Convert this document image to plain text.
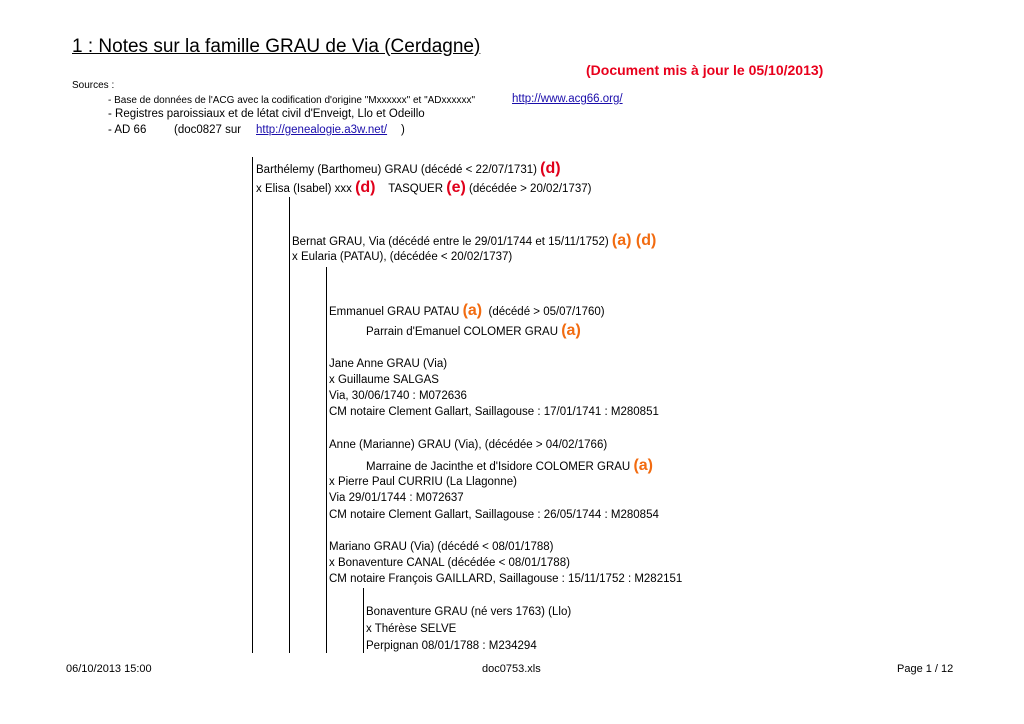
1 : Notes sur la famille GRAU de Via (Cerdagne)
(Document mis à jour le 05/10/2013)
Sources :
- Base de données de l'ACG avec la codification d'origine "Mxxxxxx" et "ADxxxxxx"	http://www.acg66.org/
- Registres paroissiaux et de létat civil d'Enveigt, Llo et Odeillo
- AD 66 (doc0827 sur http://genealogie.a3w.net/ )
Barthélemy (Barthomeu) GRAU (décédé < 22/07/1731) (d)
x Elisa (Isabel) xxx (d) TASQUER (e) (décédée > 20/02/1737)
Bernat GRAU, Via (décédé entre le 29/01/1744 et 15/11/1752) (a) (d)
x Eularia (PATAU), (décédée < 20/02/1737)
Emmanuel GRAU PATAU (a) (décédé > 05/07/1760)
Parrain d'Emanuel COLOMER GRAU (a)
Jane Anne GRAU (Via)
x Guillaume SALGAS
Via, 30/06/1740 : M072636
CM notaire Clement Gallart, Saillagouse : 17/01/1741 : M280851
Anne (Marianne) GRAU (Via), (décédée > 04/02/1766)
Marraine de Jacinthe et d'Isidore COLOMER GRAU (a)
x Pierre Paul CURRIU (La Llagonne)
Via 29/01/1744 : M072637
CM notaire Clement Gallart, Saillagouse : 26/05/1744 : M280854
Mariano GRAU (Via) (décédé < 08/01/1788)
x Bonaventure CANAL (décédée < 08/01/1788)
CM notaire François GAILLARD, Saillagouse : 15/11/1752 : M282151
Bonaventure GRAU (né vers 1763) (Llo)
x Thérèse SELVE
Perpignan 08/01/1788 : M234294
06/10/2013 15:00	doc0753.xls	Page 1 / 12
